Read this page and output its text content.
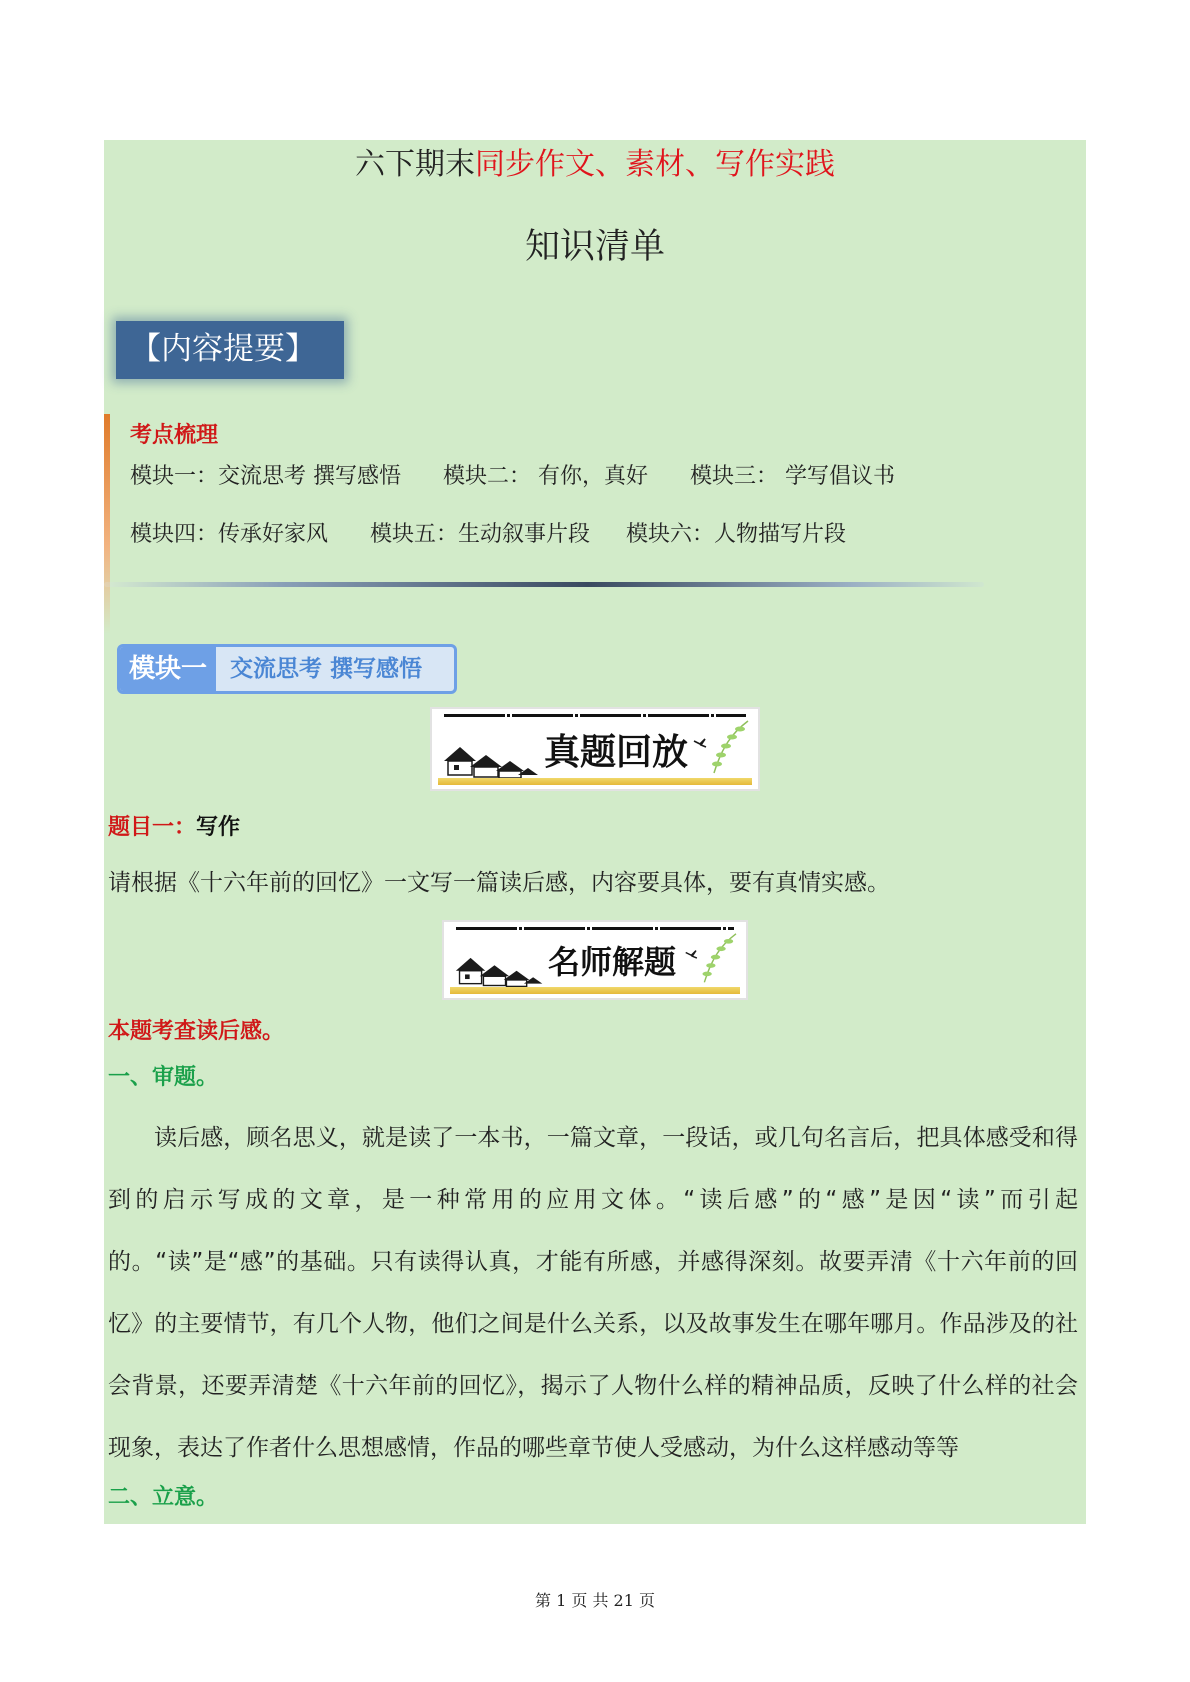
六下期末同步作文、素材、写作实践
知识清单
【内容提要】
考点梳理
模块一：交流思考 撰写感悟 模块二： 有你，真好 模块三： 学写倡议书
模块四：传承好家风 模块五：生动叙事片段 模块六：人物描写片段
模块一	交流思考 撰写感悟
真题回放
题目一：写作
请根据《十六年前的回忆》一文写一篇读后感，内容要具体，要有真情实感。
名师解题
本题考查读后感。
一、审题。
读后感，顾名思义，就是读了一本书，一篇文章，一段话，或几句名言后，把具体感受和得到的启示写成的文章，是一种常用的应用文体。“读后感”的“感”是因“读”而引起的。“读”是“感”的基础。只有读得认真，才能有所感，并感得深刻。故要弄清《十六年前的回忆》的主要情节，有几个人物，他们之间是什么关系，以及故事发生在哪年哪月。作品涉及的社会背景，还要弄清楚《十六年前的回忆》，揭示了人物什么样的精神品质，反映了什么样的社会现象，表达了作者什么思想感情，作品的哪些章节使人受感动，为什么这样感动等等
二、立意。
第 1 页 共 21 页
